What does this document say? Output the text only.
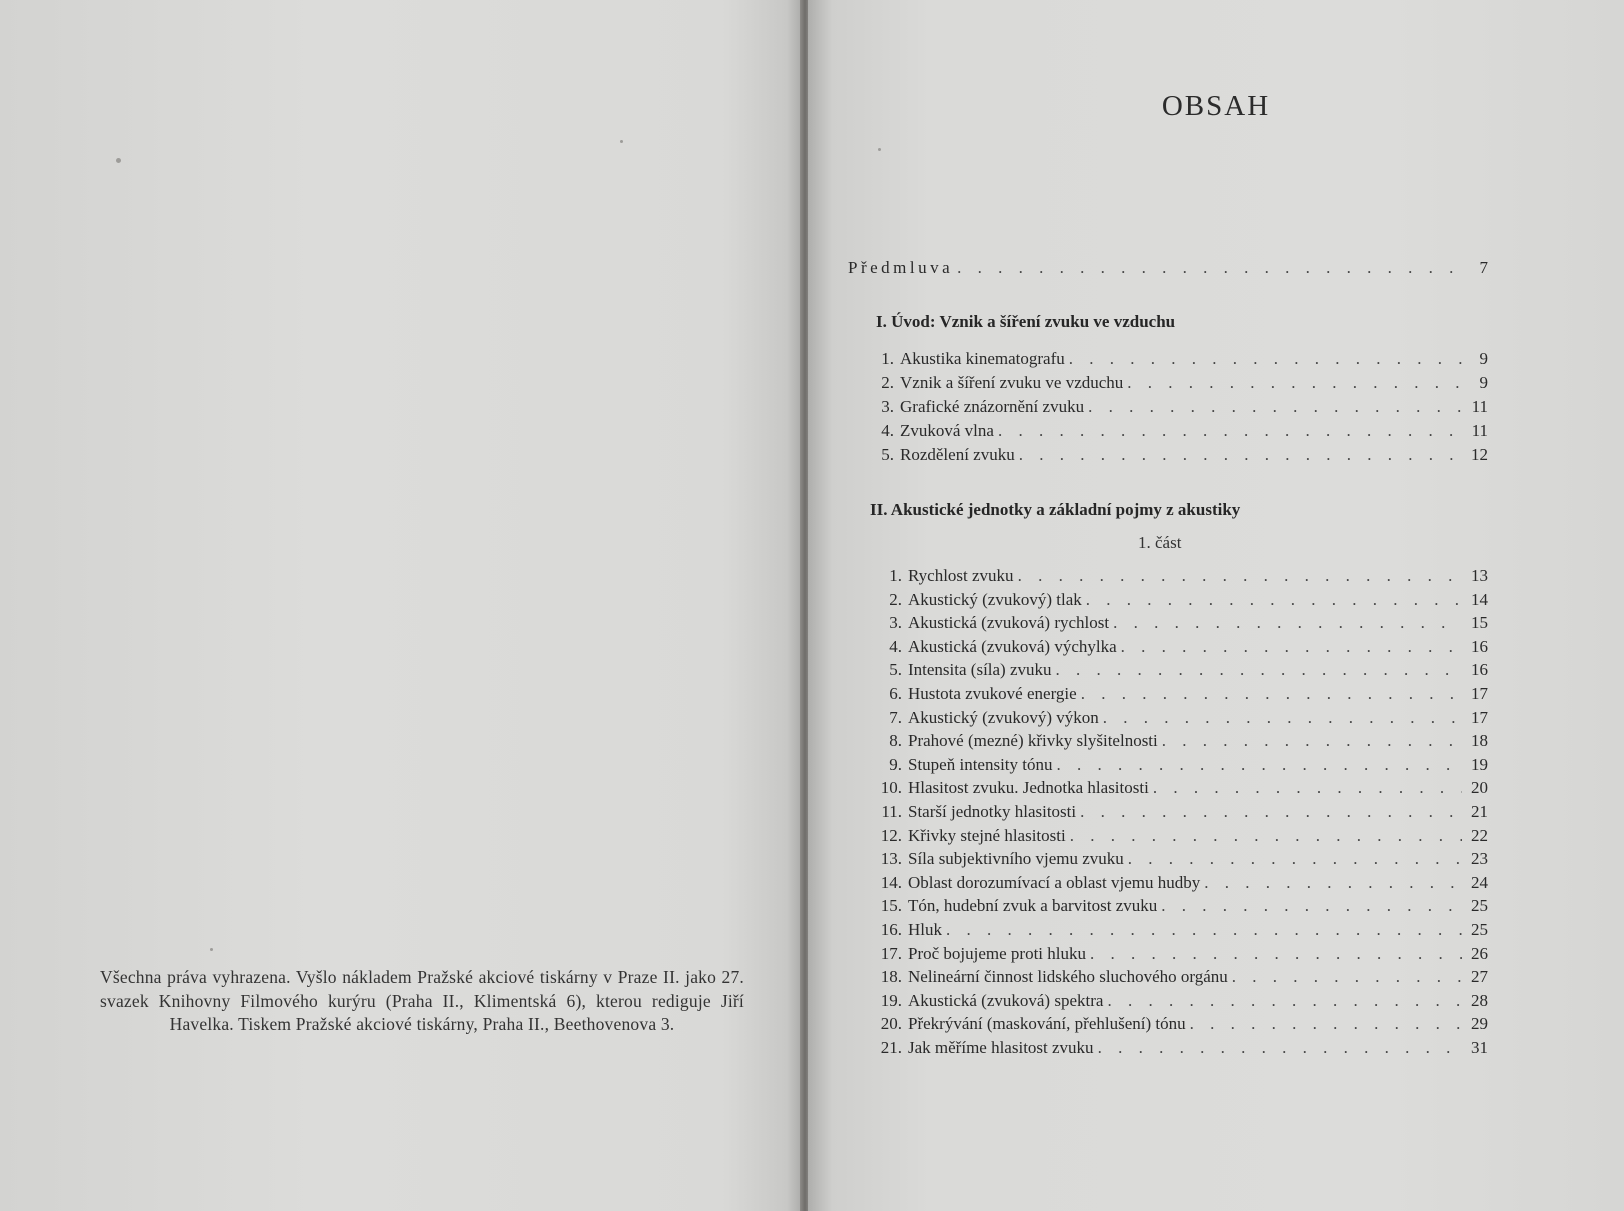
Všechna práva vyhrazena. Vyšlo nákladem Pražské akciové tiskárny v Praze II. jako 27. svazek Knihovny Filmového kurýru (Praha II., Klimentská 6), kterou rediguje Jiří Havelka. Tiskem Pražské akciové tiskárny, Praha II., Beethovenova 3.
OBSAH
Předmluva . . .	7
I. Úvod: Vznik a šíření zvuku ve vzduchu
1. Akustika kinematografu . . .	9
2. Vznik a šíření zvuku ve vzduchu . . .	9
3. Grafické znázornění zvuku . . .	11
4. Zvuková vlna . . .	11
5. Rozdělení zvuku . . .	12
II. Akustické jednotky a základní pojmy z akustiky
1. část
1. Rychlost zvuku . . .	13
2. Akustický (zvukový) tlak . . .	14
3. Akustická (zvuková) rychlost . . .	15
4. Akustická (zvuková) výchylka . . .	16
5. Intensita (síla) zvuku . . .	16
6. Hustota zvukové energie . . .	17
7. Akustický (zvukový) výkon . . .	17
8. Prahové (mezné) křivky slyšitelnosti . . .	18
9. Stupeň intensity tónu . . .	19
10. Hlasitost zvuku. Jednotka hlasitosti . . .	20
11. Starší jednotky hlasitosti . . .	21
12. Křivky stejné hlasitosti . . .	22
13. Síla subjektivního vjemu zvuku . . .	23
14. Oblast dorozumívací a oblast vjemu hudby . . .	24
15. Tón, hudební zvuk a barvitost zvuku . . .	25
16. Hluk . . .	25
17. Proč bojujeme proti hluku . . .	26
18. Nelineární činnost lidského sluchového orgánu . . .	27
19. Akustická (zvuková) spektra . . .	28
20. Překrývání (maskování, přehlušení) tónu . . .	29
21. Jak měříme hlasitost zvuku . . .	31
